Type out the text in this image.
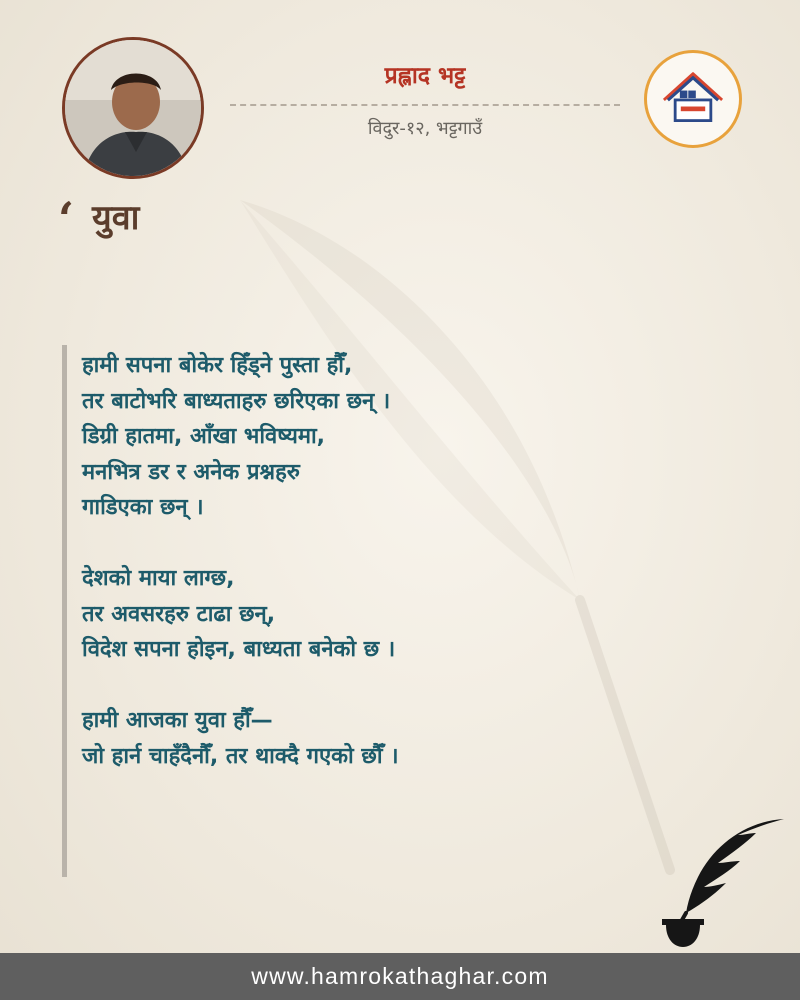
प्रह्लाद भट्ट
विदुर-१२, भट्टगाउँ
‘ युवा
हामी सपना बोकेर हिँड्ने पुस्ता हौँ,
तर बाटोभरि बाध्यताहरु छरिएका छन् ।
डिग्री हातमा, आँखा भविष्यमा,
मनभित्र डर र अनेक प्रश्नहरु
गाडिएका छन् ।
देशको माया लाग्छ,
तर अवसरहरु टाढा छन्,
विदेश सपना होइन, बाध्यता बनेको छ ।
हामी आजका युवा हौँ—
जो हार्न चाहँदैनौँ, तर थाक्दै गएको छौँ ।
www.hamrokathaghar.com
